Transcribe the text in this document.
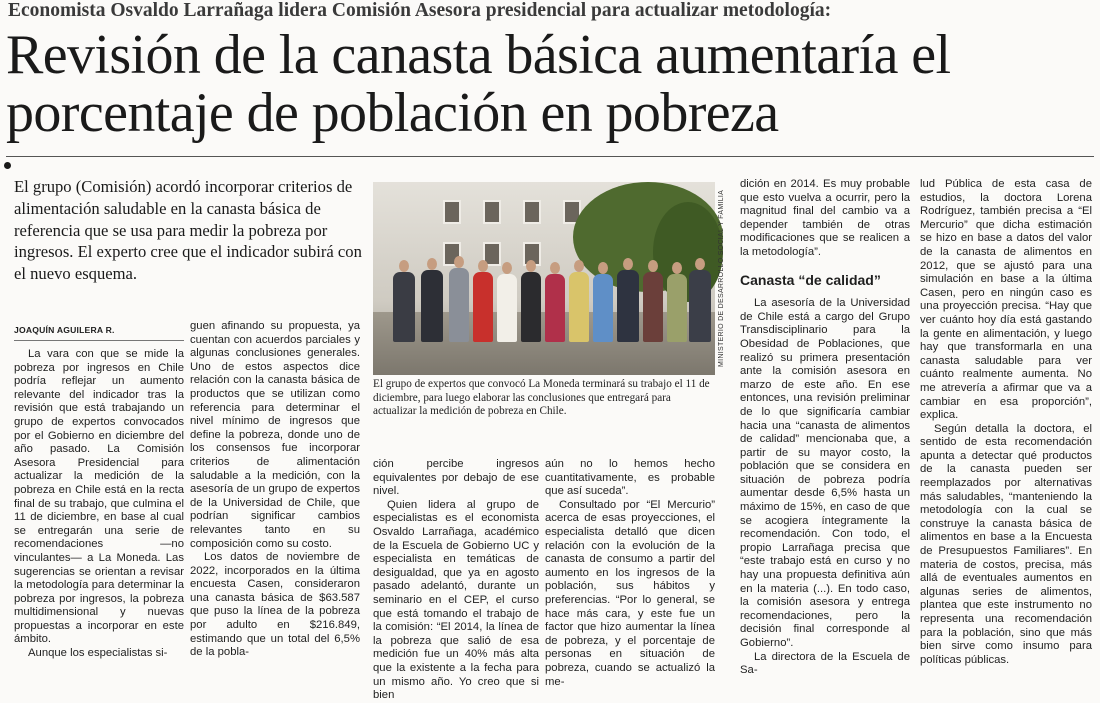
Economista Osvaldo Larrañaga lidera Comisión Asesora presidencial para actualizar metodología:
Revisión de la canasta básica aumentaría el porcentaje de población en pobreza
El grupo (Comisión) acordó incorporar criterios de alimentación saludable en la canasta básica de referencia que se usa para medir la pobreza por ingresos. El experto cree que el indicador subirá con el nuevo esquema.
JOAQUÍN AGUILERA R.

La vara con que se mide la pobreza por ingresos en Chile podría reflejar un aumento relevante del indicador tras la revisión que está trabajando un grupo de expertos convocados por el Gobierno en diciembre del año pasado. La Comisión Asesora Presidencial para actualizar la medición de la pobreza en Chile está en la recta final de su trabajo, que culmina el 11 de diciembre, en base al cual se entregarán una serie de recomendaciones —no vinculantes— a La Moneda. Las sugerencias se orientan a revisar la metodología para determinar la pobreza por ingresos, la pobreza multidimensional y nuevas propuestas a incorporar en este ámbito.

Aunque los especialistas si-

guen afinando su propuesta, ya cuentan con acuerdos parciales y algunas conclusiones generales. Uno de estos aspectos dice relación con la canasta básica de productos que se utilizan como referencia para determinar el nivel mínimo de ingresos que define la pobreza, donde uno de los consensos fue incorporar criterios de alimentación saludable a la medición, con la asesoría de un grupo de expertos de la Universidad de Chile, que podrían significar cambios relevantes tanto en su composición como su costo.

Los datos de noviembre de 2022, incorporados en la última encuesta Casen, consideraron una canasta básica de $63.587 que puso la línea de la pobreza por adulto en $216.849, estimando que un total del 6,5% de la pobla-

MINISTERIO DE DESARROLLO SOCIAL Y FAMILIA
El grupo de expertos que convocó La Moneda terminará su trabajo el 11 de diciembre, para luego elaborar las conclusiones que entregará para actualizar la medición de pobreza en Chile.

ción percibe ingresos equivalentes por debajo de ese nivel.

Quien lidera al grupo de especialistas es el economista Osvaldo Larrañaga, académico de la Escuela de Gobierno UC y especialista en temáticas de desigualdad, que ya en agosto pasado adelantó, durante un seminario en el CEP, el curso que está tomando el trabajo de la comisión: “El 2014, la línea de la pobreza que salió de esa medición fue un 40% más alta que la existente a la fecha para un mismo año. Yo creo que si bien

aún no lo hemos hecho cuantitativamente, es probable que así suceda”.

Consultado por “El Mercurio” acerca de esas proyecciones, el especialista detalló que dicen relación con la evolución de la canasta de consumo a partir del aumento en los ingresos de la población, sus hábitos y preferencias. “Por lo general, se hace más cara, y este fue un factor que hizo aumentar la línea de pobreza, y el porcentaje de personas en situación de pobreza, cuando se actualizó la me-

dición en 2014. Es muy probable que esto vuelva a ocurrir, pero la magnitud final del cambio va a depender también de otras modificaciones que se realicen a la metodología”.

Canasta “de calidad”

La asesoría de la Universidad de Chile está a cargo del Grupo Transdisciplinario para la Obesidad de Poblaciones, que realizó su primera presentación ante la comisión asesora en marzo de este año. En ese entonces, una revisión preliminar de lo que significaría cambiar hacia una “canasta de alimentos de calidad” mencionaba que, a partir de su mayor costo, la población que se considera en situación de pobreza podría aumentar desde 6,5% hasta un máximo de 15%, en caso de que se acogiera íntegramente la recomendación. Con todo, el propio Larrañaga precisa que “este trabajo está en curso y no hay una propuesta definitiva aún en la materia (...). En todo caso, la comisión asesora y entrega recomendaciones, pero la decisión final corresponde al Gobierno”.

La directora de la Escuela de Sa-

lud Pública de esta casa de estudios, la doctora Lorena Rodríguez, también precisa a “El Mercurio” que dicha estimación se hizo en base a datos del valor de la canasta de alimentos en 2012, que se ajustó para una simulación en base a la última Casen, pero en ningún caso es una proyección precisa. “Hay que ver cuánto hoy día está gastando la gente en alimentación, y luego hay que transformarla en una canasta saludable para ver cuánto realmente aumenta. No me atrevería a afirmar que va a cambiar en esa proporción”, explica.

Según detalla la doctora, el sentido de esta recomendación apunta a detectar qué productos de la canasta pueden ser reemplazados por alternativas más saludables, “manteniendo la metodología con la cual se construye la canasta básica de alimentos en base a la Encuesta de Presupuestos Familiares”. En materia de costos, precisa, más allá de eventuales aumentos en algunas series de alimentos, plantea que este instrumento no representa una recomendación para la población, sino que más bien sirve como insumo para políticas públicas.
